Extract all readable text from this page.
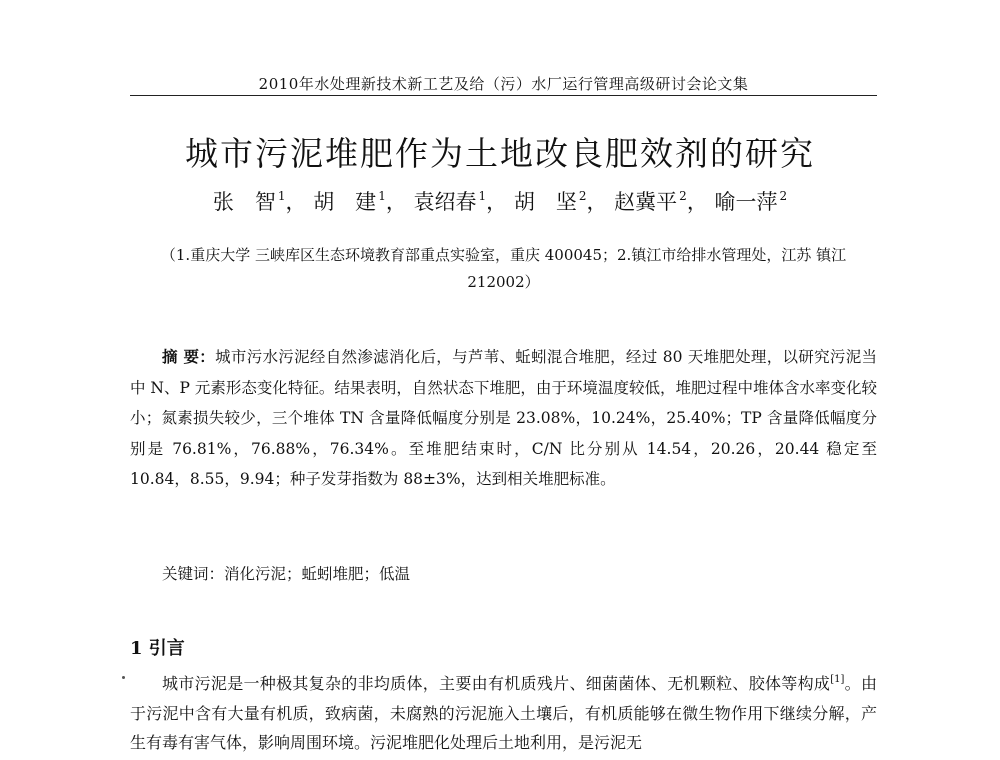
2010年水处理新技术新工艺及给（污）水厂运行管理高级研讨会论文集
城市污泥堆肥作为土地改良肥效剂的研究
张　智 $^1$， 胡　建 $^1$， 袁绍春 $^1$， 胡　坚 $^2$， 赵冀平 $^2$， 喻一萍 $^2$
（1.重庆大学 三峡库区生态环境教育部重点实验室，重庆 400045；2.镇江市给排水管理处，江苏 镇江 212002）
摘 要：城市污水污泥经自然渗滤消化后，与芦苇、蚯蚓混合堆肥，经过 80 天堆肥处理，以研究污泥当中 N、P 元素形态变化特征。结果表明，自然状态下堆肥，由于环境温度较低，堆肥过程中堆体含水率变化较小；氮素损失较少，三个堆体 TN 含量降低幅度分别是 23.08%，10.24%，25.40%；TP 含量降低幅度分别是 76.81%，76.88%，76.34%。至堆肥结束时，C/N 比分别从 14.54，20.26，20.44 稳定至 10.84，8.55，9.94；种子发芽指数为 88±3%，达到相关堆肥标准。
关键词：消化污泥；蚯蚓堆肥；低温
1 引言
城市污泥是一种极其复杂的非均质体，主要由有机质残片、细菌菌体、无机颗粒、胶体等构成[1]。由于污泥中含有大量有机质，致病菌，未腐熟的污泥施入土壤后，有机质能够在微生物作用下继续分解，产生有毒有害气体，影响周围环境。污泥堆肥化处理后土地利用，是污泥无
